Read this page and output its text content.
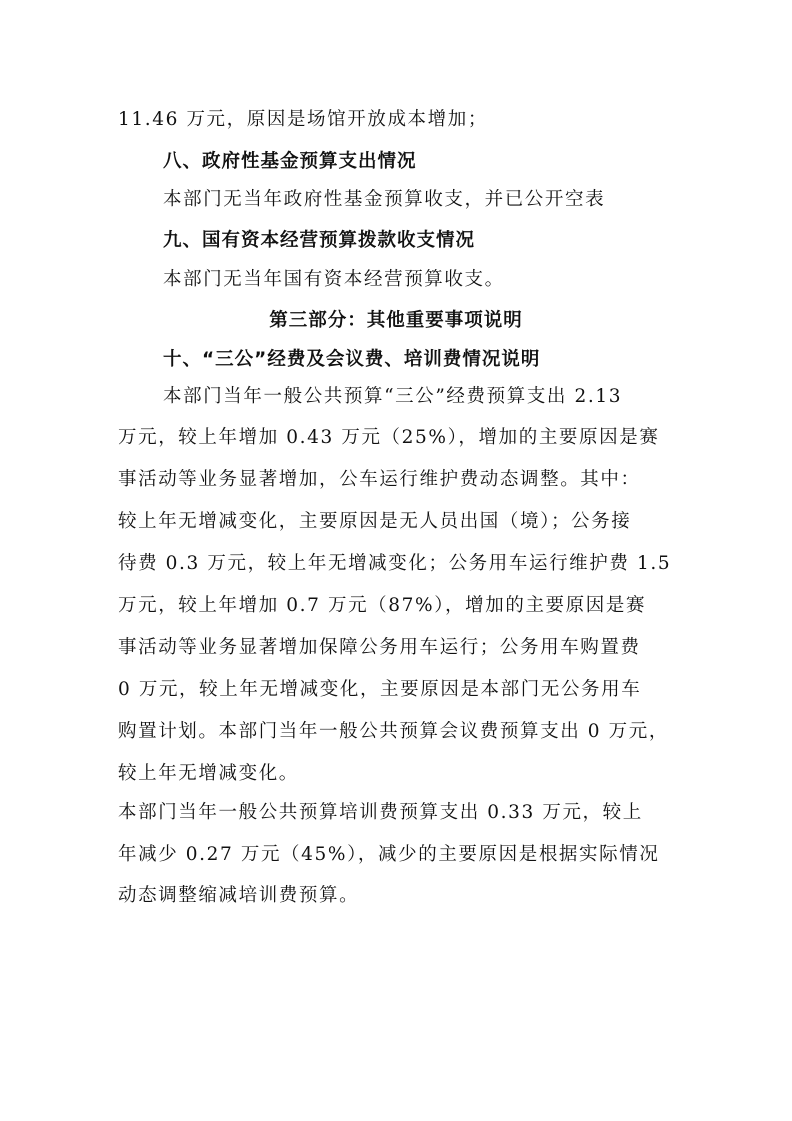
11.46 万元，原因是场馆开放成本增加；
八、政府性基金预算支出情况
本部门无当年政府性基金预算收支，并已公开空表
九、国有资本经营预算拨款收支情况
本部门无当年国有资本经营预算收支。
第三部分：其他重要事项说明
十、“三公”经费及会议费、培训费情况说明
本部门当年一般公共预算“三公”经费预算支出 2.13
万元，较上年增加 0.43 万元（25%），增加的主要原因是赛
事活动等业务显著增加，公车运行维护费动态调整。其中：
较上年无增减变化，主要原因是无人员出国（境）；公务接
待费 0.3 万元，较上年无增减变化；公务用车运行维护费 1.5
万元，较上年增加 0.7 万元（87%），增加的主要原因是赛
事活动等业务显著增加保障公务用车运行；公务用车购置费
0 万元，较上年无增减变化，主要原因是本部门无公务用车
购置计划。本部门当年一般公共预算会议费预算支出 0 万元，
较上年无增减变化。
本部门当年一般公共预算培训费预算支出 0.33 万元，较上
年减少 0.27 万元（45%），减少的主要原因是根据实际情况
动态调整缩减培训费预算。
